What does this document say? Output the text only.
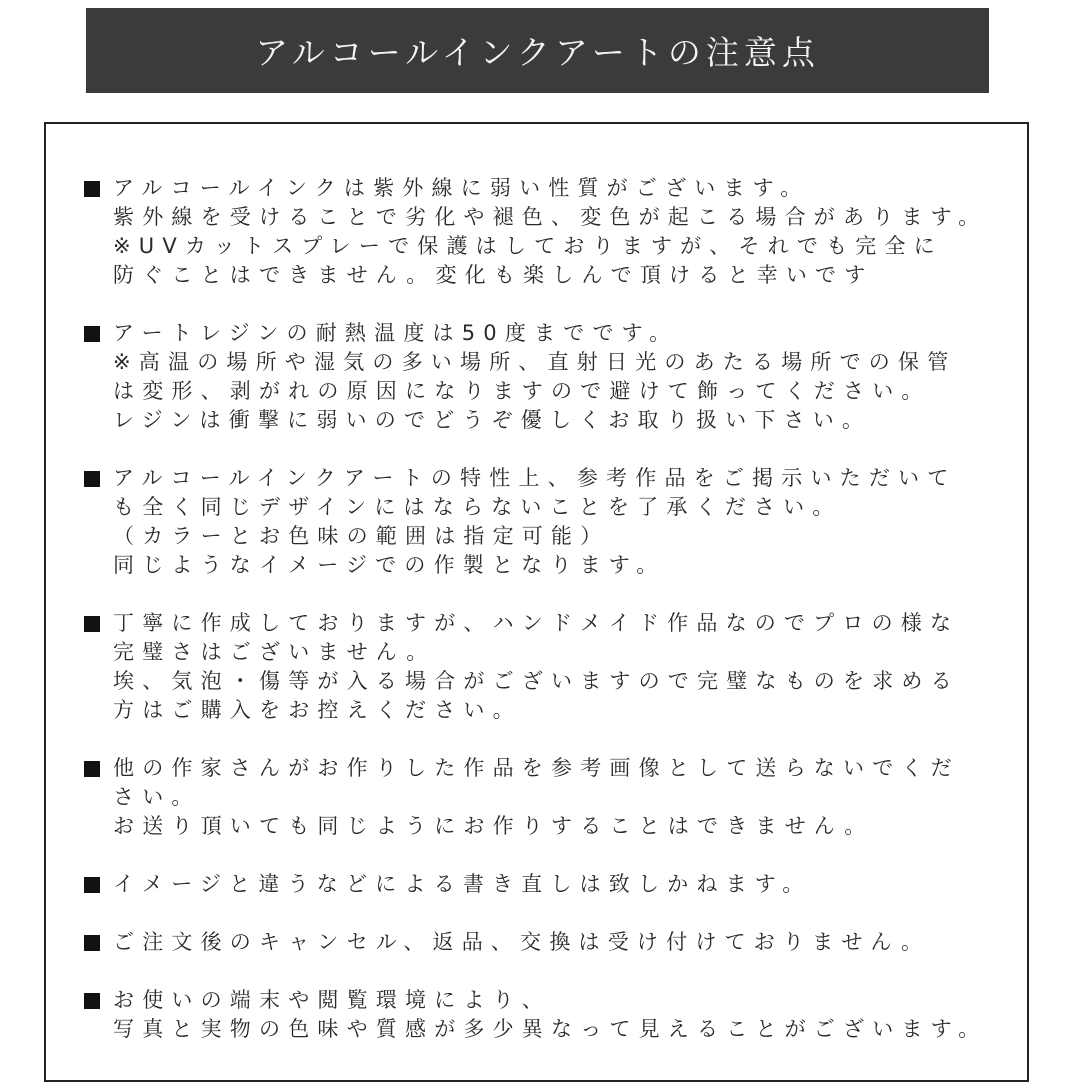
アルコールインクアートの注意点
アルコールインクは紫外線に弱い性質がございます。
紫外線を受けることで劣化や褪色、変色が起こる場合があります。
※UVカットスプレーで保護はしておりますが、それでも完全に
防ぐことはできません。変化も楽しんで頂けると幸いです
アートレジンの耐熱温度は50度までです。
※高温の場所や湿気の多い場所、直射日光のあたる場所での保管
は変形、剥がれの原因になりますので避けて飾ってください。
レジンは衝撃に弱いのでどうぞ優しくお取り扱い下さい。
アルコールインクアートの特性上、参考作品をご掲示いただいて
も全く同じデザインにはならないことを了承ください。
（カラーとお色味の範囲は指定可能）
同じようなイメージでの作製となります。
丁寧に作成しておりますが、ハンドメイド作品なのでプロの様な
完璧さはございません。
埃、気泡・傷等が入る場合がございますので完璧なものを求める
方はご購入をお控えください。
他の作家さんがお作りした作品を参考画像として送らないでくだ
さい。
お送り頂いても同じようにお作りすることはできません。
イメージと違うなどによる書き直しは致しかねます。
ご注文後のキャンセル、返品、交換は受け付けておりません。
お使いの端末や閲覧環境により、
写真と実物の色味や質感が多少異なって見えることがございます。
